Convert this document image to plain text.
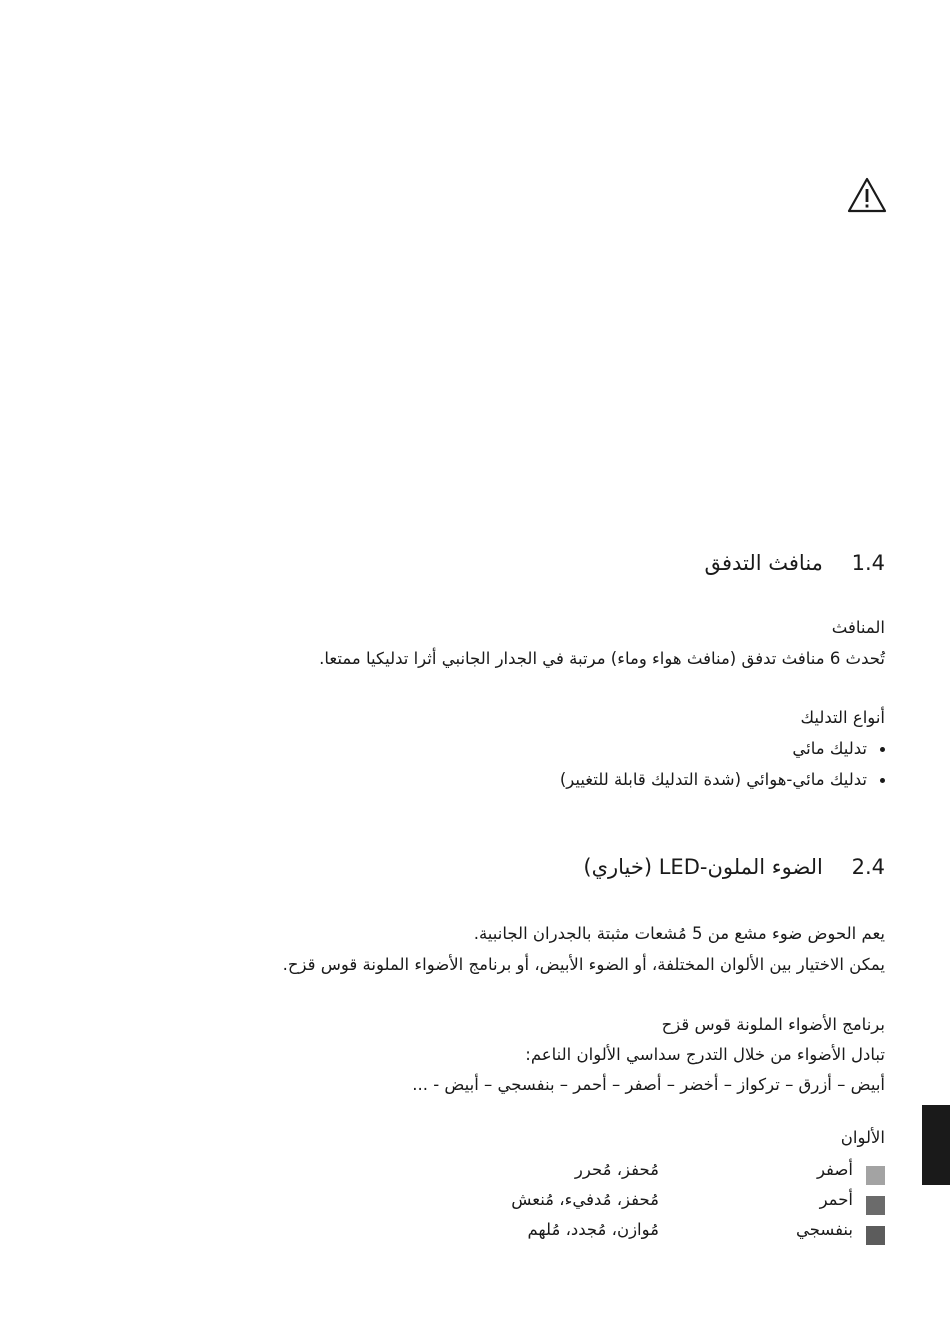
1.4 منافث التدفق
المنافث
تُحدث 6 منافث تدفق (منافث هواء وماء) مرتبة في الجدار الجانبي أثرا تدليكيا ممتعا.
أنواع التدليك
تدليك مائي
تدليك مائي-هوائي (شدة التدليك قابلة للتغيير)
2.4 الضوء الملون-LED (خياري)
يعم الحوض ضوء مشع من 5 مُشعات مثبتة بالجدران الجانبية.
يمكن الاختيار بين الألوان المختلفة، أو الضوء الأبيض، أو برنامج الأضواء الملونة قوس قزح.
برنامج الأضواء الملونة قوس قزح
تبادل الأضواء من خلال التدرج سداسي الألوان الناعم:
أبيض – أزرق – تركواز – أخضر – أصفر – أحمر – بنفسجي – أبيض - ...
الألوان
أصفر
مُحفز، مُحرر
أحمر
مُحفز، مُدفيء، مُنعش
بنفسجي
مُوازن، مُجدد، مُلهم
